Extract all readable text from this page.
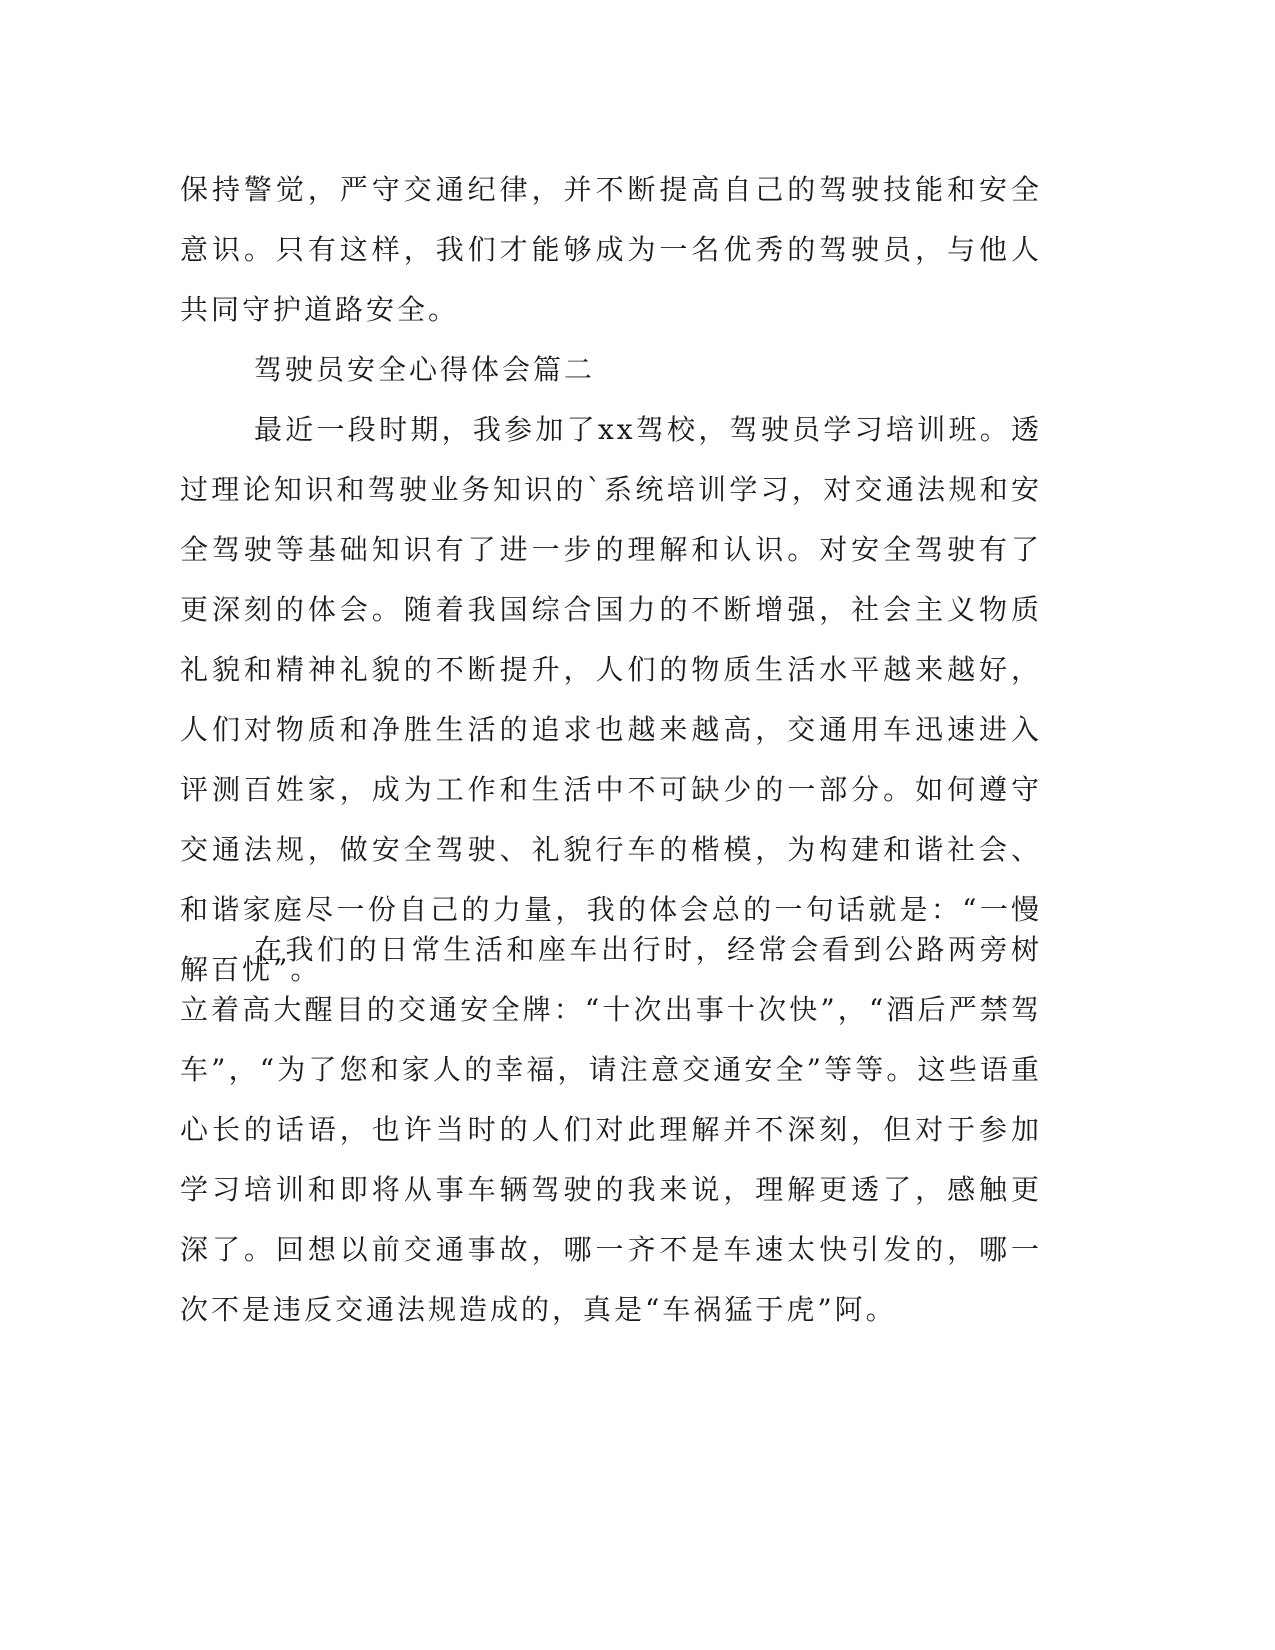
保持警觉，严守交通纪律，并不断提高自己的驾驶技能和安全意识。只有这样，我们才能够成为一名优秀的驾驶员，与他人共同守护道路安全。

驾驶员安全心得体会篇二

最近一段时期，我参加了xx驾校，驾驶员学习培训班。透过理论知识和驾驶业务知识的`系统培训学习，对交通法规和安全驾驶等基础知识有了进一步的理解和认识。对安全驾驶有了更深刻的体会。随着我国综合国力的不断增强，社会主义物质礼貌和精神礼貌的不断提升，人们的物质生活水平越来越好，人们对物质和净胜生活的追求也越来越高，交通用车迅速进入评测百姓家，成为工作和生活中不可缺少的一部分。如何遵守交通法规，做安全驾驶、礼貌行车的楷模，为构建和谐社会、和谐家庭尽一份自己的力量，我的体会总的一句话就是：“一慢解百忧”。

在我们的日常生活和座车出行时，经常会看到公路两旁树立着高大醒目的交通安全牌：“十次出事十次快”，“酒后严禁驾车”，“为了您和家人的幸福，请注意交通安全”等等。这些语重心长的话语，也许当时的人们对此理解并不深刻，但对于参加学习培训和即将从事车辆驾驶的我来说，理解更透了，感触更深了。回想以前交通事故，哪一齐不是车速太快引发的，哪一次不是违反交通法规造成的，真是“车祸猛于虎”阿。
